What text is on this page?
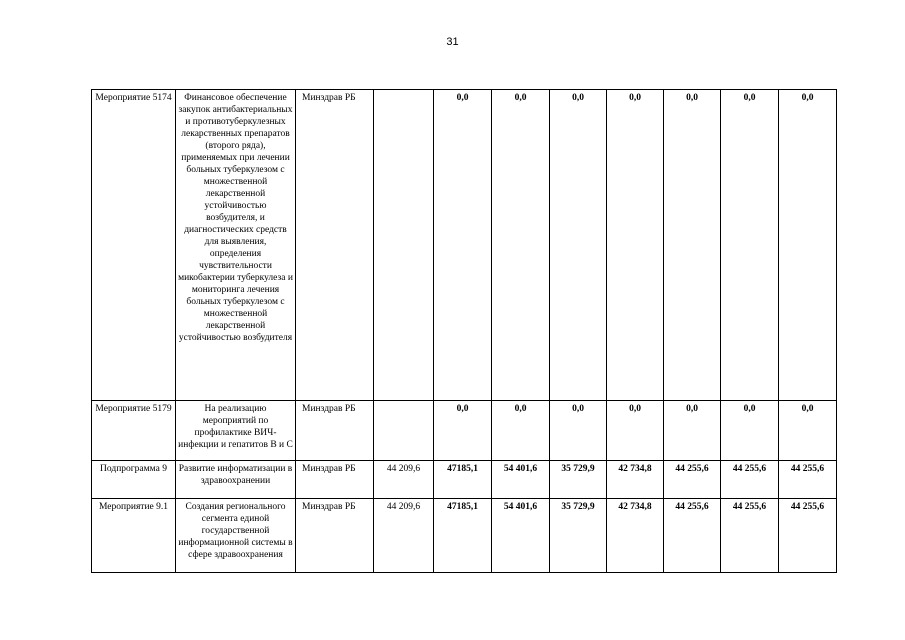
31
Мероприятие 5174	Финансовое обеспечение закупок антибактериальных и противотуберкулезных лекарственных препаратов (второго ряда), применяемых при лечении больных туберкулезом с множественной лекарственной устойчивостью возбудителя, и диагностических средств для выявления, определения чувствительности микобактерии туберкулеза и мониторинга лечения больных туберкулезом с множественной лекарственной устойчивостью возбудителя	Минздрав РБ		0,0	0,0	0,0	0,0	0,0	0,0	0,0
Мероприятие 5179	На реализацию мероприятий по профилактике ВИЧ-инфекции и гепатитов В и С	Минздрав РБ		0,0	0,0	0,0	0,0	0,0	0,0	0,0
Подпрограмма 9	Развитие информатизации в здравоохранении	Минздрав РБ	44 209,6	47185,1	54 401,6	35 729,9	42 734,8	44 255,6	44 255,6	44 255,6
Мероприятие 9.1	Создания регионального сегмента единой государственной информационной системы в сфере здравоохранения	Минздрав РБ	44 209,6	47185,1	54 401,6	35 729,9	42 734,8	44 255,6	44 255,6	44 255,6
